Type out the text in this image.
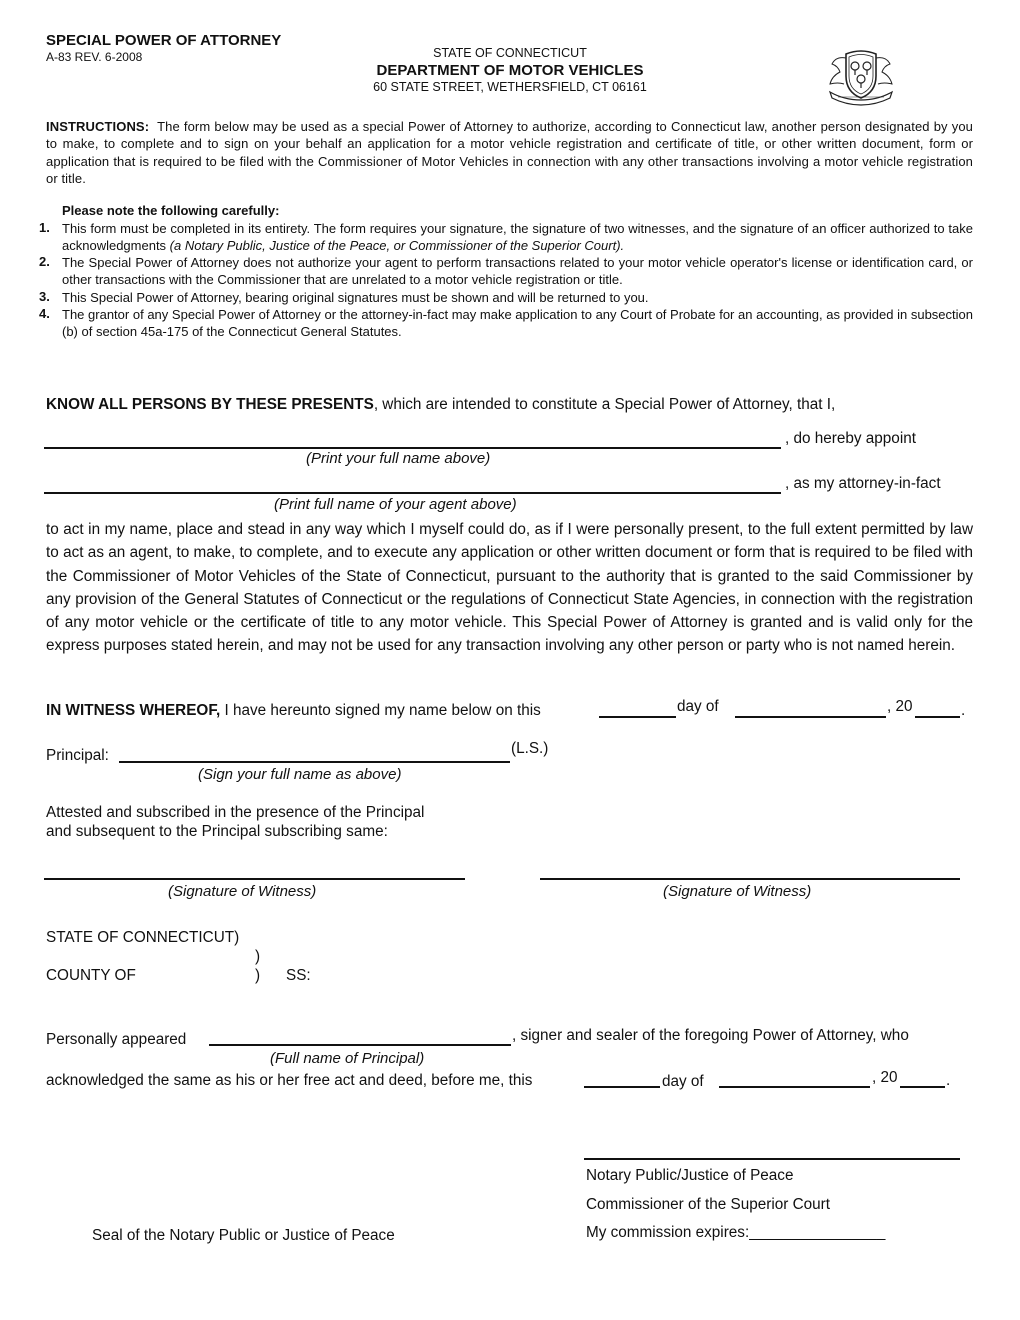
SPECIAL POWER OF ATTORNEY
A-83 REV. 6-2008	STATE OF CONNECTICUT
DEPARTMENT OF MOTOR VEHICLES
60 STATE STREET, WETHERSFIELD, CT 06161
INSTRUCTIONS: The form below may be used as a special Power of Attorney to authorize, according to Connecticut law, another person designated by you to make, to complete and to sign on your behalf an application for a motor vehicle registration and certificate of title, or other written document, form or application that is required to be filed with the Commissioner of Motor Vehicles in connection with any other transactions involving a motor vehicle registration or title.
Please note the following carefully:
1. This form must be completed in its entirety. The form requires your signature, the signature of two witnesses, and the signature of an officer authorized to take acknowledgments (a Notary Public, Justice of the Peace, or Commissioner of the Superior Court).
2. The Special Power of Attorney does not authorize your agent to perform transactions related to your motor vehicle operator's license or identification card, or other transactions with the Commissioner that are unrelated to a motor vehicle registration or title.
3. This Special Power of Attorney, bearing original signatures must be shown and will be returned to you.
4. The grantor of any Special Power of Attorney or the attorney-in-fact may make application to any Court of Probate for an accounting, as provided in subsection (b) of section 45a-175 of the Connecticut General Statutes.
KNOW ALL PERSONS BY THESE PRESENTS, which are intended to constitute a Special Power of Attorney, that I,
, do hereby appoint
(Print your full name above)
, as my attorney-in-fact
(Print full name of your agent above)
to act in my name, place and stead in any way which I myself could do, as if I were personally present, to the full extent permitted by law to act as an agent, to make, to complete, and to execute any application or other written document or form that is required to be filed with the Commissioner of Motor Vehicles of the State of Connecticut, pursuant to the authority that is granted to the said Commissioner by any provision of the General Statutes of Connecticut or the regulations of Connecticut State Agencies, in connection with the registration of any motor vehicle or the certificate of title to any motor vehicle. This Special Power of Attorney is granted and is valid only for the express purposes stated herein, and may not be used for any transaction involving any other person or party who is not named herein.
IN WITNESS WHEREOF, I have hereunto signed my name below on this	day of	, 20	.
Principal:	(L.S.)
(Sign your full name as above)
Attested and subscribed in the presence of the Principal
and subsequent to the Principal subscribing same:
(Signature of Witness)	(Signature of Witness)
STATE OF CONNECTICUT)
)
COUNTY OF	) SS:
Personally appeared	, signer and sealer of the foregoing Power of Attorney, who
(Full name of Principal)
acknowledged the same as his or her free act and deed, before me, this	day of	, 20	.
Notary Public/Justice of Peace
Commissioner of the Superior Court
My commission expires:________________
Seal of the Notary Public or Justice of Peace
